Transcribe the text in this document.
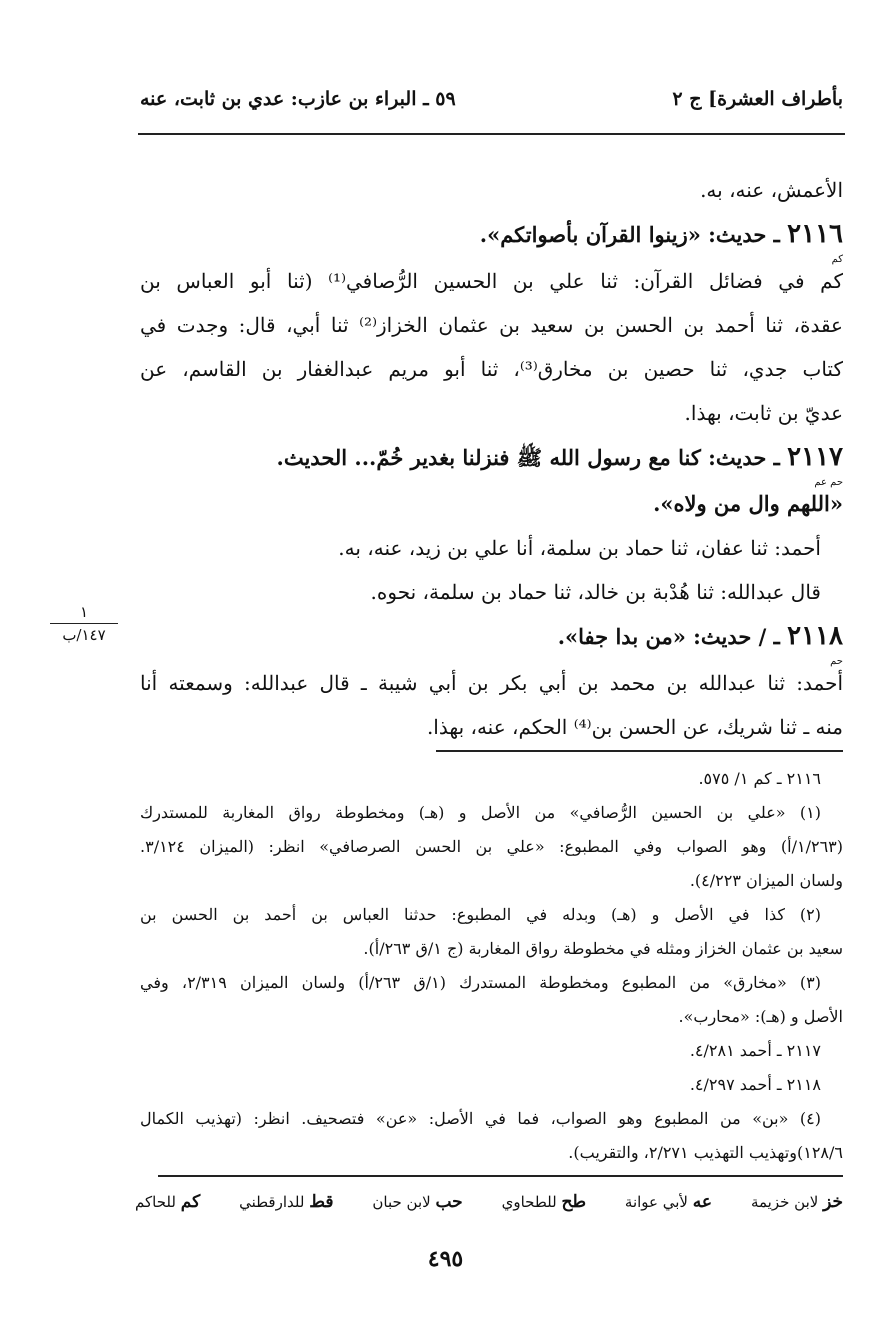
بأطراف العشرة] ج ٢
٥٩ ـ البراء بن عازب: عدي بن ثابت، عنه
الأعمش، عنه، به.
٢١١٦ ـ حديث: «زينوا القرآن بأصواتكم».
كم
كم في فضائل القرآن: ثنا علي بن الحسين الرُّصافي⁽¹⁾ (ثنا أبو العباس بن
عقدة، ثنا أحمد بن الحسن بن سعيد بن عثمان الخزاز⁽²⁾ ثنا أبي، قال: وجدت في
كتاب جدي، ثنا حصين بن مخارق⁽³⁾، ثنا أبو مريم عبدالغفار بن القاسم، عن
عديّ بن ثابت، بهذا.
٢١١٧ ـ حديث: كنا مع رسول الله ﷺ فنزلنا بغدير خُمّ... الحديث.
حم عم
«اللهم وال من ولاه».
أحمد: ثنا عفان، ثنا حماد بن سلمة، أنا علي بن زيد، عنه، به.
قال عبدالله: ثنا هُدْبة بن خالد، ثنا حماد بن سلمة، نحوه.
٢١١٨ ـ / حديث: «من بدا جفا».
حم
أحمد: ثنا عبدالله بن محمد بن أبي بكر بن أبي شيبة ـ قال عبدالله: وسمعته أنا
منه ـ ثنا شريك، عن الحسن بن⁽⁴⁾ الحكم، عنه، بهذا.
١
١٤٧/ب
٢١١٦ ـ كم ١/ ٥٧٥.
(١) «علي بن الحسين الرُّصافي» من الأصل و (هـ) ومخطوطة رواق المغاربة للمستدرك
(١/٢٦٣/أ) وهو الصواب وفي المطبوع: «علي بن الحسن الصرصافي» انظر: (الميزان ٣/١٢٤.
ولسان الميزان ٤/٢٢٣).
(٢) كذا في الأصل و (هـ) وبدله في المطبوع: حدثنا العباس بن أحمد بن الحسن بن
سعيد بن عثمان الخزاز ومثله في مخطوطة رواق المغاربة (ج ١/ق ٢٦٣/أ).
(٣) «مخارق» من المطبوع ومخطوطة المستدرك (١/ق ٢٦٣/أ) ولسان الميزان ٢/٣١٩، وفي
الأصل و (هـ): «محارب».
٢١١٧ ـ أحمد ٤/٢٨١.
٢١١٨ ـ أحمد ٤/٢٩٧.
(٤) «بن» من المطبوع وهو الصواب، فما في الأصل: «عن» فتصحيف. انظر: (تهذيب الكمال
١٢٨/٦)وتهذيب التهذيب ٢/٢٧١، والتقريب).
خز لابن خزيمة
عه لأبي عوانة
طح للطحاوي
حب لابن حبان
قط للدارقطني
كم للحاكم
٤٩٥
